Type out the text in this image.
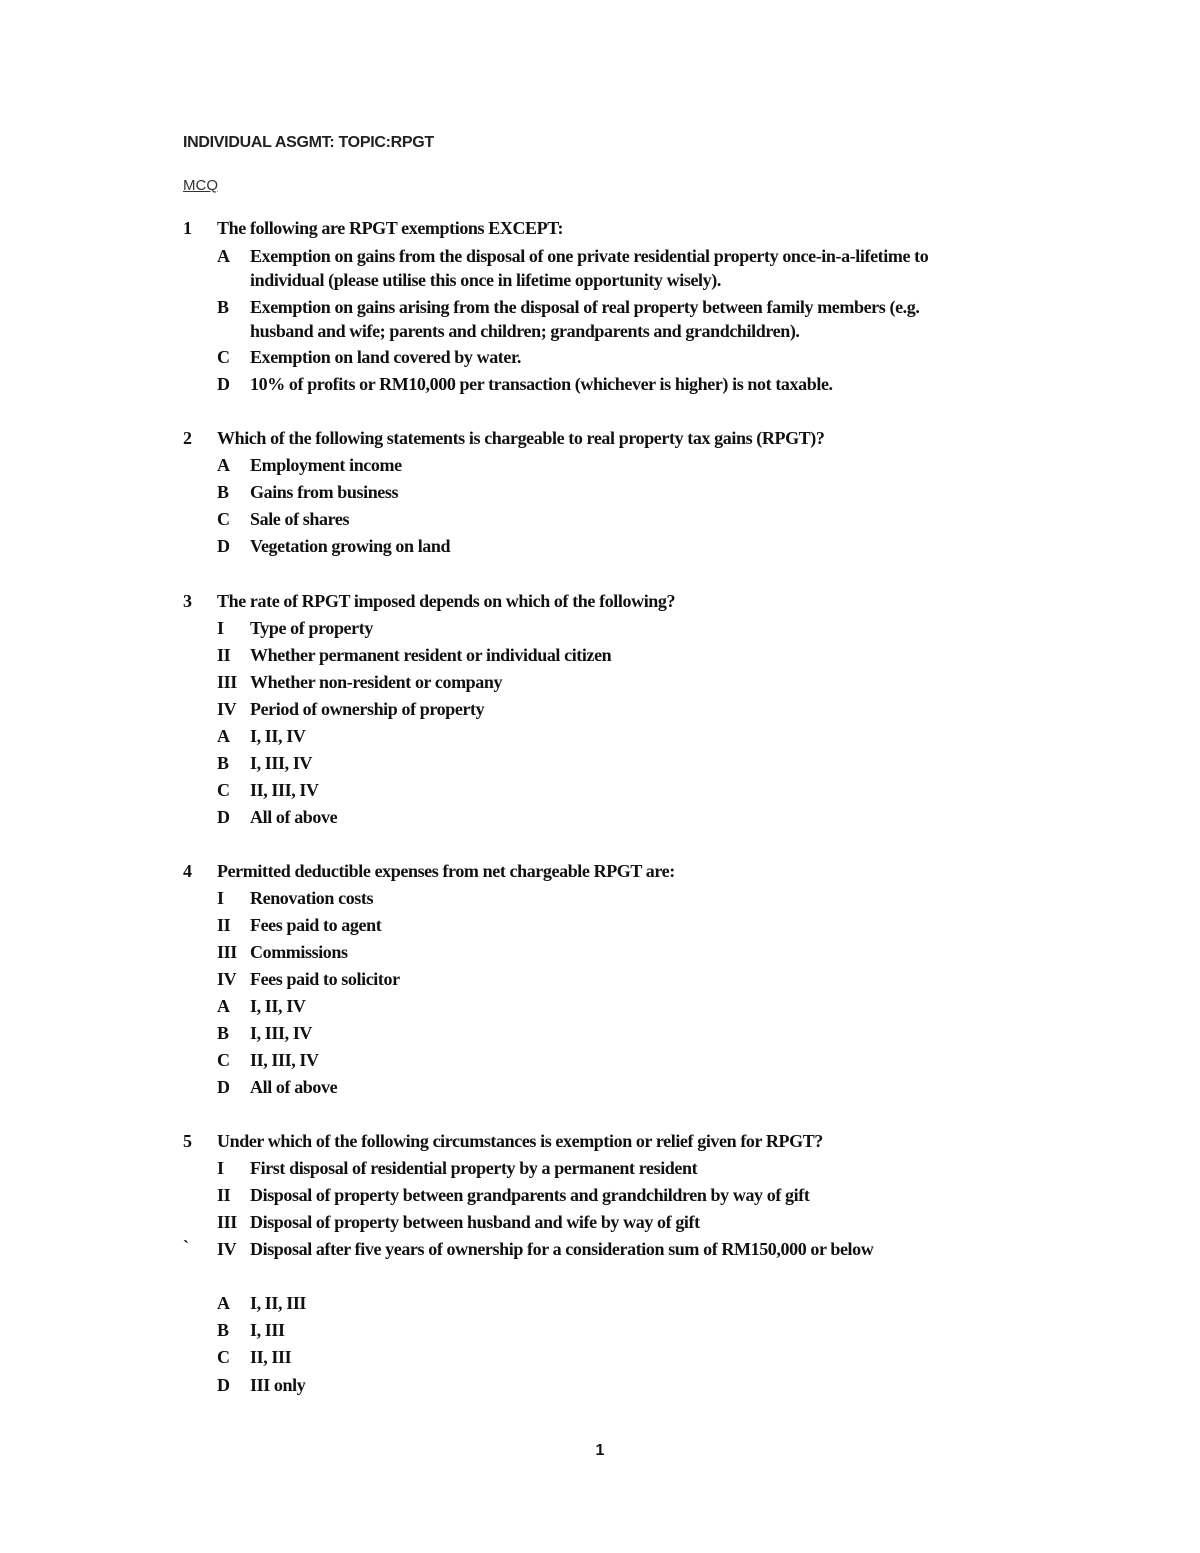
INDIVIDUAL ASGMT: TOPIC:RPGT
MCQ
1	The following are RPGT exemptions EXCEPT:
A	Exemption on gains from the disposal of one private residential property once-in-a-lifetime to
individual (please utilise this once in lifetime opportunity wisely).
B	Exemption on gains arising from the disposal of real property between family members (e.g.
husband and wife; parents and children; grandparents and grandchildren).
C	Exemption on land covered by water.
D	10% of profits or RM10,000 per transaction (whichever is higher) is not taxable.
2	Which of the following statements is chargeable to real property tax gains (RPGT)?
A	Employment income
B	Gains from business
C	Sale of shares
D	Vegetation growing on land
3	The rate of RPGT imposed depends on which of the following?
I	Type of property
II	Whether permanent resident or individual citizen
III Whether non-resident or company
IV Period of ownership of property
A	I, II, IV
B	I, III, IV
C	II, III, IV
D	All of above
4	Permitted deductible expenses from net chargeable RPGT are:
I	Renovation costs
II	Fees paid to agent
III Commissions
IV Fees paid to solicitor
A	I, II, IV
B	I, III, IV
C	II, III, IV
D	All of above
5	Under which of the following circumstances is exemption or relief given for RPGT?
I	First disposal of residential property by a permanent resident
II	Disposal of property between grandparents and grandchildren by way of gift
III Disposal of property between husband and wife by way of gift
` IV Disposal after five years of ownership for a consideration sum of RM150,000 or below
A	I, II, III
B	I, III
C	II, III
D	III only
1
